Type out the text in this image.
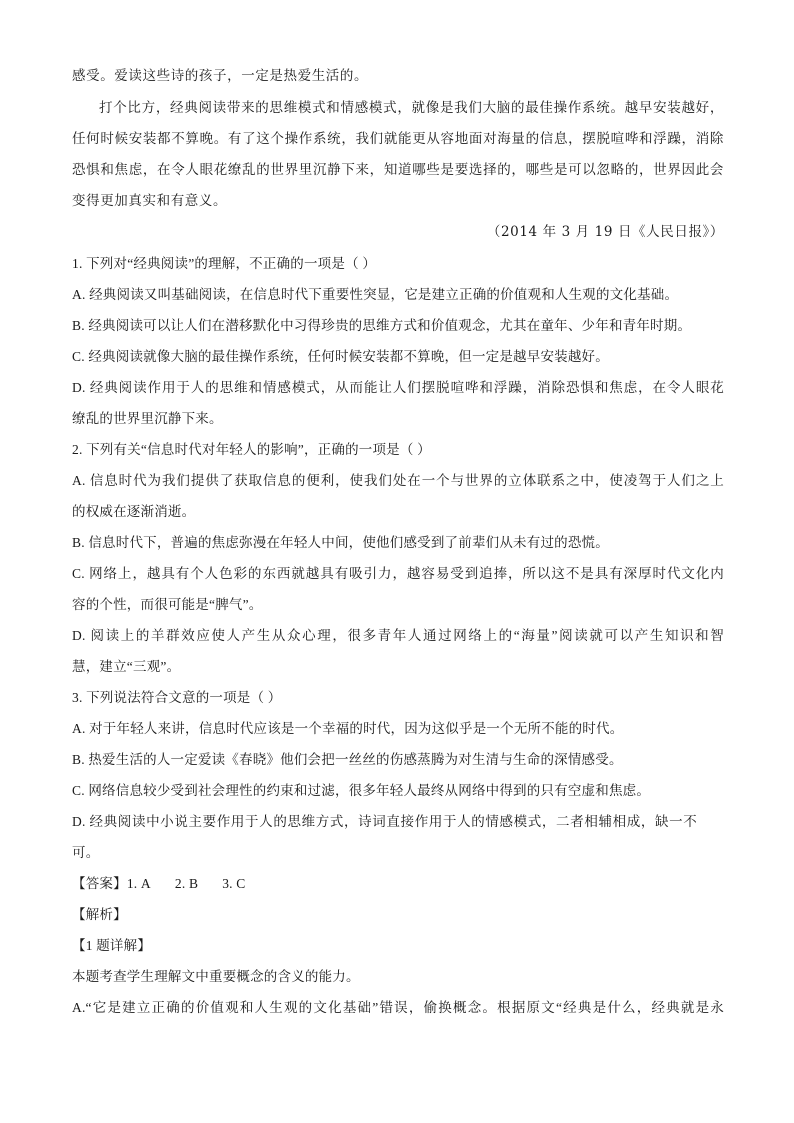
感受。爱读这些诗的孩子，一定是热爱生活的。
打个比方，经典阅读带来的思维模式和情感模式，就像是我们大脑的最佳操作系统。越早安装越好，
任何时候安装都不算晚。有了这个操作系统，我们就能更从容地面对海量的信息，摆脱喧哗和浮躁，消除
恐惧和焦虑，在令人眼花缭乱的世界里沉静下来，知道哪些是要选择的，哪些是可以忽略的，世界因此会
变得更加真实和有意义。
（2014 年 3 月 19 日《人民日报》）
1. 下列对“经典阅读”的理解，不正确的一项是（ ）
A. 经典阅读又叫基础阅读，在信息时代下重要性突显，它是建立正确的价值观和人生观的文化基础。
B. 经典阅读可以让人们在潜移默化中习得珍贵的思维方式和价值观念，尤其在童年、少年和青年时期。
C. 经典阅读就像大脑的最佳操作系统，任何时候安装都不算晚，但一定是越早安装越好。
D. 经典阅读作用于人的思维和情感模式，从而能让人们摆脱喧哗和浮躁，消除恐惧和焦虑，在令人眼花
缭乱的世界里沉静下来。
2. 下列有关“信息时代对年轻人的影响”，正确的一项是（ ）
A. 信息时代为我们提供了获取信息的便利，使我们处在一个与世界的立体联系之中，使凌驾于人们之上
的权威在逐渐消逝。
B. 信息时代下，普遍的焦虑弥漫在年轻人中间，使他们感受到了前辈们从未有过的恐慌。
C. 网络上，越具有个人色彩的东西就越具有吸引力，越容易受到追捧，所以这不是具有深厚时代文化内
容的个性，而很可能是“脾气”。
D. 阅读上的羊群效应使人产生从众心理，很多青年人通过网络上的“海量”阅读就可以产生知识和智
慧，建立“三观”。
3. 下列说法符合文意的一项是（ ）
A. 对于年轻人来讲，信息时代应该是一个幸福的时代，因为这似乎是一个无所不能的时代。
B. 热爱生活的人一定爱读《春晓》他们会把一丝丝的伤感蒸腾为对生清与生命的深情感受。
C. 网络信息较少受到社会理性的约束和过滤，很多年轻人最终从网络中得到的只有空虚和焦虑。
D. 经典阅读中小说主要作用于人的思维方式，诗词直接作用于人的情感模式，二者相辅相成，缺一不
可。
【答案】1. A 2. B 3. C
【解析】
【1 题详解】
本题考查学生理解文中重要概念的含义的能力。
A.“它是建立正确的价值观和人生观的文化基础”错误，偷换概念。根据原文“经典是什么，经典就是永
